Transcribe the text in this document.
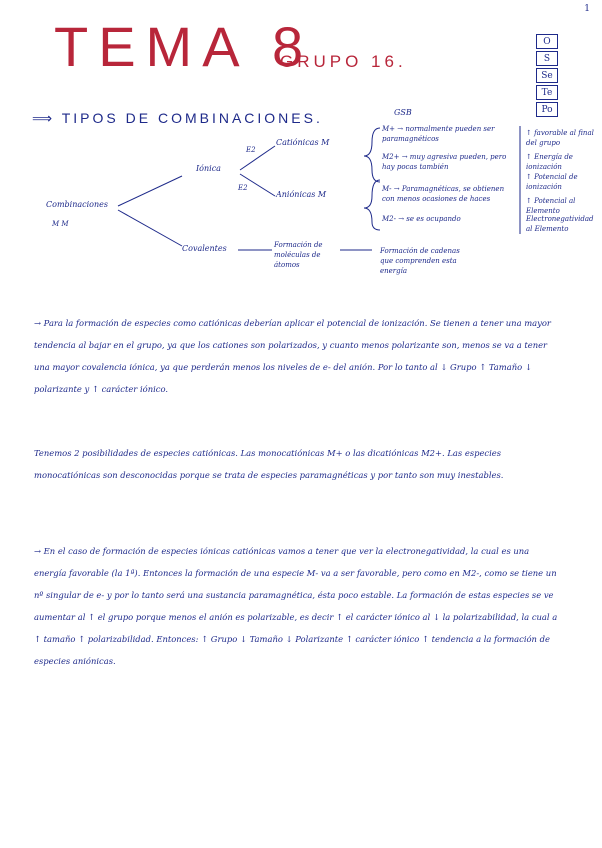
1
TEMA 8
GRUPO 16.
O
S
Se
Te
Po
⟹ TIPOS DE COMBINACIONES.	GSB
Combinaciones
M M
Iónica
E2
E2
Catiónicas M
Aniónicas M
M+ → normalmente pueden ser paramagnéticos
M2+ → muy agresiva pueden, pero hay pocas también
M- → Paramagnéticas, se obtienen con menos ocasiones de haces
M2- → se es ocupando
Covalentes	Formación de moléculas de átomos
Formación de cadenas que comprenden esta energía
↑ favorable al final del grupo
↑ Energía de ionización
↑ Potencial de ionización
↑ Potencial al Elemento
Electronegatividad al Elemento
→ Para la formación de especies como catiónicas deberían aplicar el potencial de ionización. Se tienen a tener una mayor tendencia al bajar en el grupo, ya que los cationes son polarizados, y cuanto menos polarizante son, menos se va a tener una mayor covalencia iónica, ya que perderán menos los niveles de e- del anión. Por lo tanto al ↓ Grupo ↑ Tamaño ↓ polarizante y ↑ carácter iónico.
Tenemos 2 posibilidades de especies catiónicas. Las monocatiónicas M+ o las dicatiónicas M2+. Las especies monocatiónicas son desconocidas porque se trata de especies paramagnéticas y por tanto son muy inestables.
→ En el caso de formación de especies iónicas catiónicas vamos a tener que ver la electronegatividad, la cual es una energía favorable (la 1ª). Entonces la formación de una especie M- va a ser favorable, pero como en M2-, como se tiene un nº singular de e- y por lo tanto será una sustancia paramagnética, ésta poco estable. La formación de estas especies se ve aumentar al ↑ el grupo porque menos el anión es polarizable, es decir ↑ el carácter iónico al ↓ la polarizabilidad, la cual a ↑ tamaño ↑ polarizabilidad. Entonces: ↑ Grupo ↓ Tamaño ↓ Polarizante ↑ carácter iónico ↑ tendencia a la formación de especies aniónicas.
